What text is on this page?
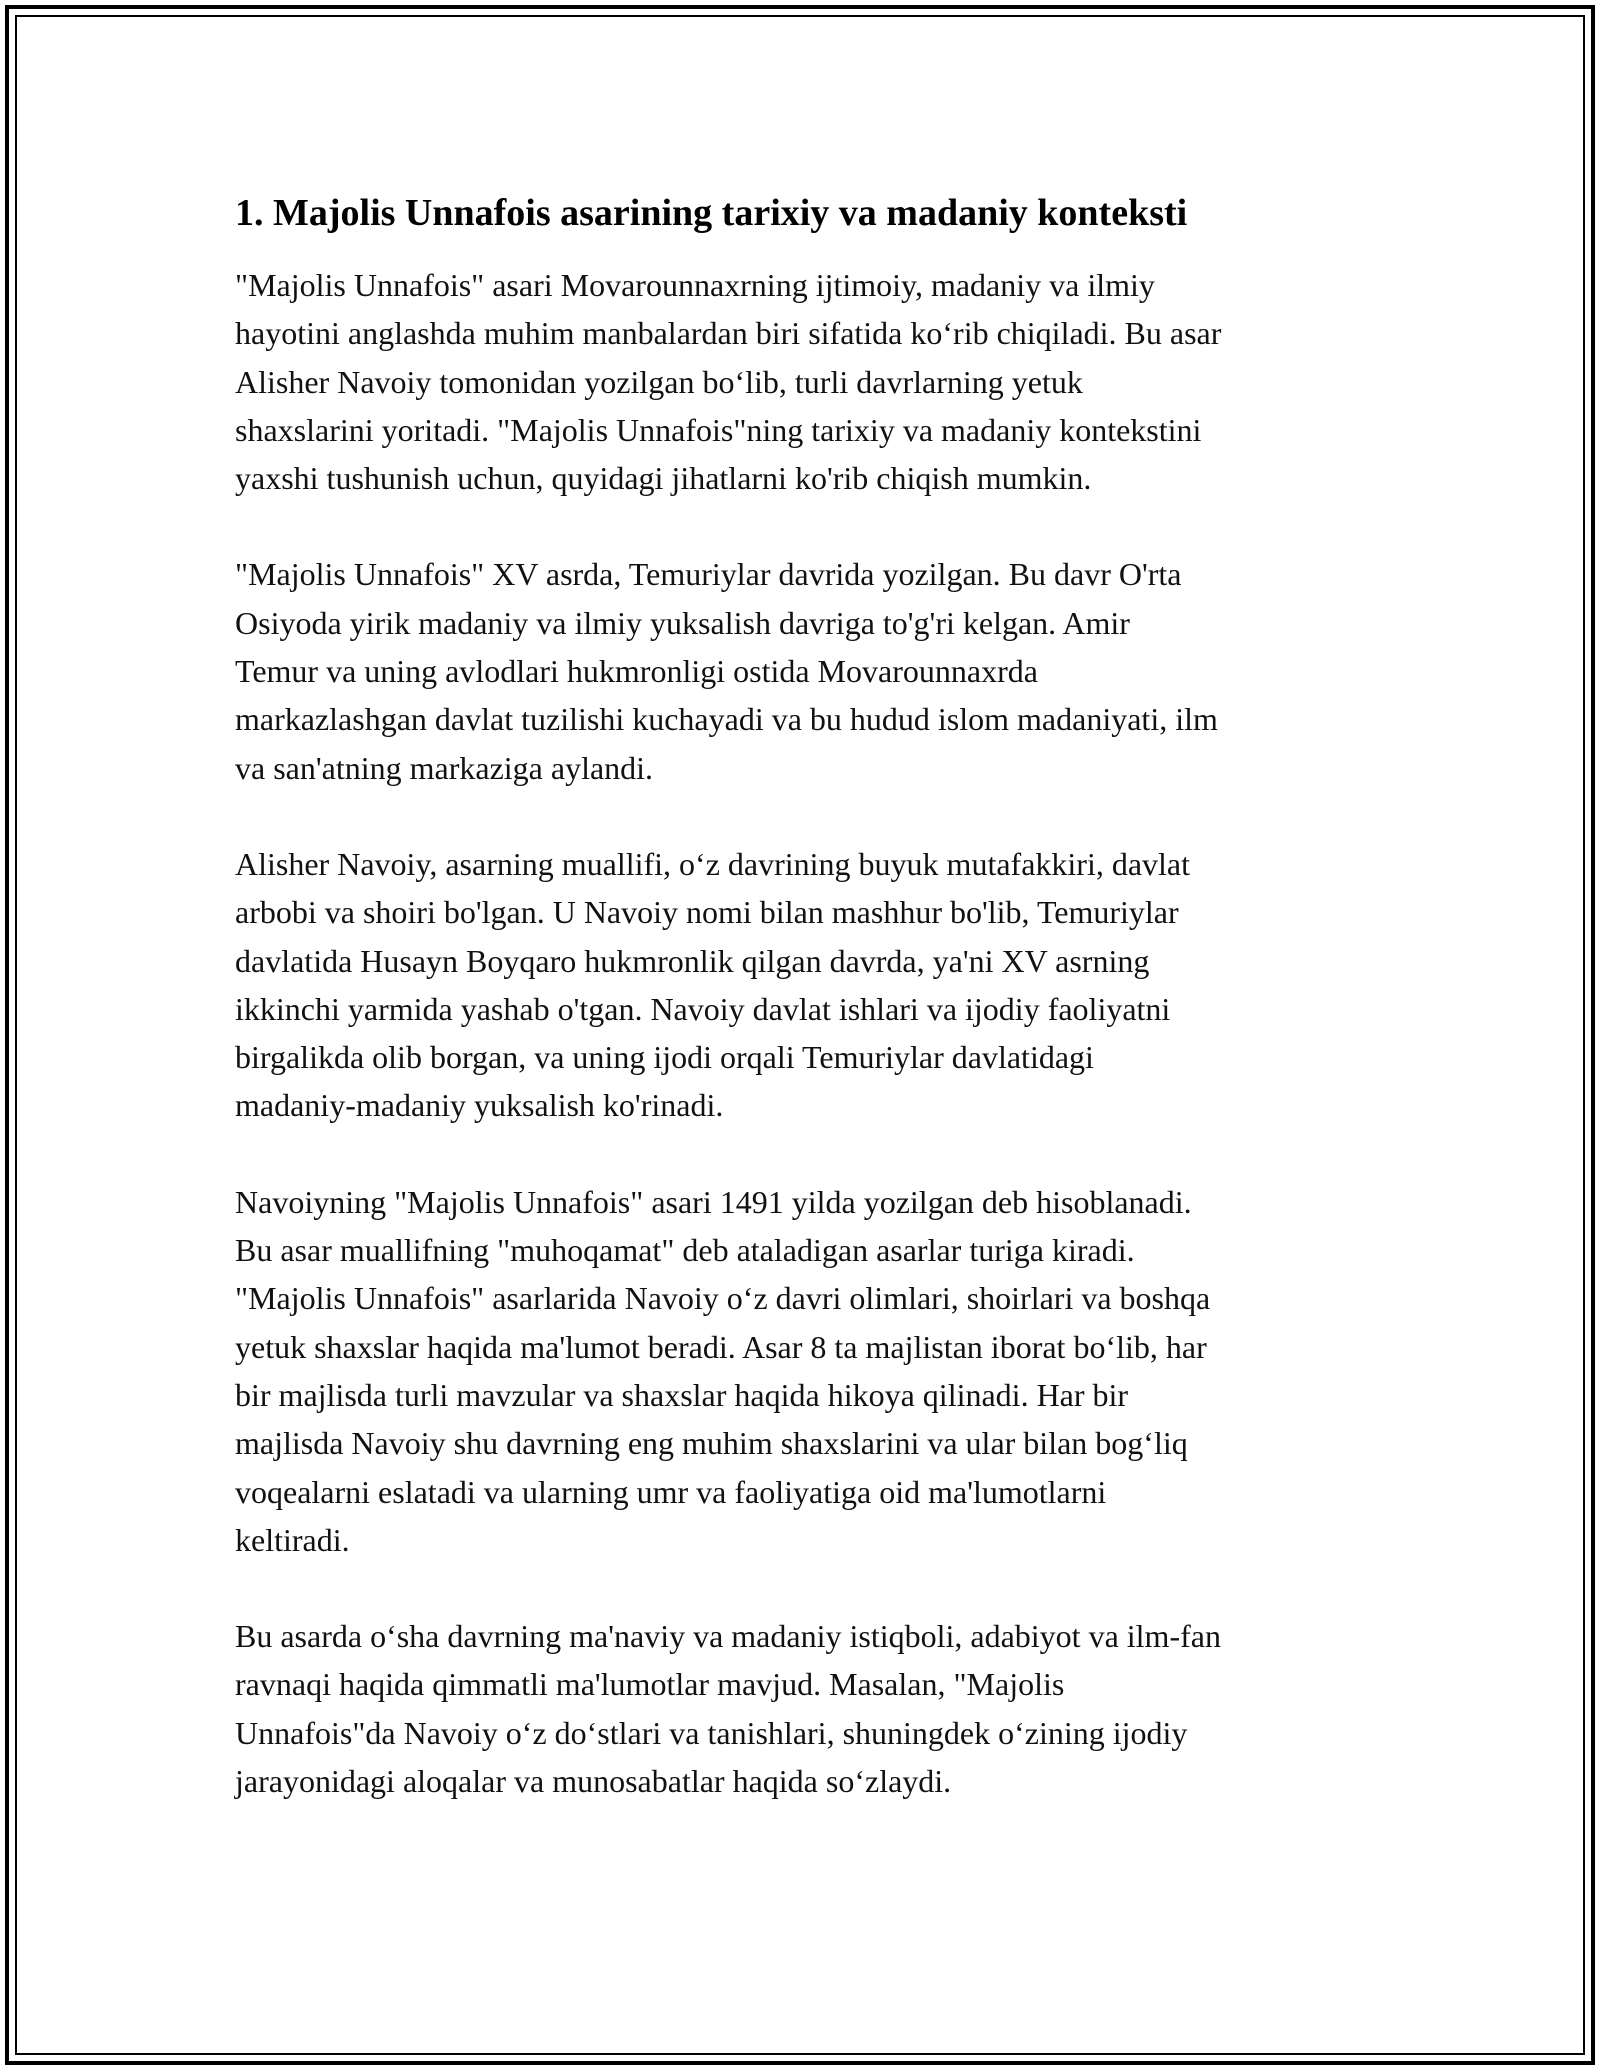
1. Majolis Unnafois asarining tarixiy va madaniy konteksti

"Majolis Unnafois" asari Movarounnaxrning ijtimoiy, madaniy va ilmiy
hayotini anglashda muhim manbalardan biri sifatida ko‘rib chiqiladi. Bu asar
Alisher Navoiy tomonidan yozilgan bo‘lib, turli davrlarning yetuk
shaxslarini yoritadi. "Majolis Unnafois"ning tarixiy va madaniy kontekstini
yaxshi tushunish uchun, quyidagi jihatlarni ko'rib chiqish mumkin.

"Majolis Unnafois" XV asrda, Temuriylar davrida yozilgan. Bu davr O'rta
Osiyoda yirik madaniy va ilmiy yuksalish davriga to'g'ri kelgan. Amir
Temur va uning avlodlari hukmronligi ostida Movarounnaxrda
markazlashgan davlat tuzilishi kuchayadi va bu hudud islom madaniyati, ilm
va san'atning markaziga aylandi.

Alisher Navoiy, asarning muallifi, o‘z davrining buyuk mutafakkiri, davlat
arbobi va shoiri bo'lgan. U Navoiy nomi bilan mashhur bo'lib, Temuriylar
davlatida Husayn Boyqaro hukmronlik qilgan davrda, ya'ni XV asrning
ikkinchi yarmida yashab o'tgan. Navoiy davlat ishlari va ijodiy faoliyatni
birgalikda olib borgan, va uning ijodi orqali Temuriylar davlatidagi
madaniy-madaniy yuksalish ko'rinadi.

Navoiyning "Majolis Unnafois" asari 1491 yilda yozilgan deb hisoblanadi.
Bu asar muallifning "muhoqamat" deb ataladigan asarlar turiga kiradi.
"Majolis Unnafois" asarlarida Navoiy o‘z davri olimlari, shoirlari va boshqa
yetuk shaxslar haqida ma'lumot beradi. Asar 8 ta majlistan iborat bo‘lib, har
bir majlisda turli mavzular va shaxslar haqida hikoya qilinadi. Har bir
majlisda Navoiy shu davrning eng muhim shaxslarini va ular bilan bog‘liq
voqealarni eslatadi va ularning umr va faoliyatiga oid ma'lumotlarni
keltiradi.

Bu asarda o‘sha davrning ma'naviy va madaniy istiqboli, adabiyot va ilm-fan
ravnaqi haqida qimmatli ma'lumotlar mavjud. Masalan, "Majolis
Unnafois"da Navoiy o‘z do‘stlari va tanishlari, shuningdek o‘zining ijodiy
jarayonidagi aloqalar va munosabatlar haqida so‘zlaydi.
